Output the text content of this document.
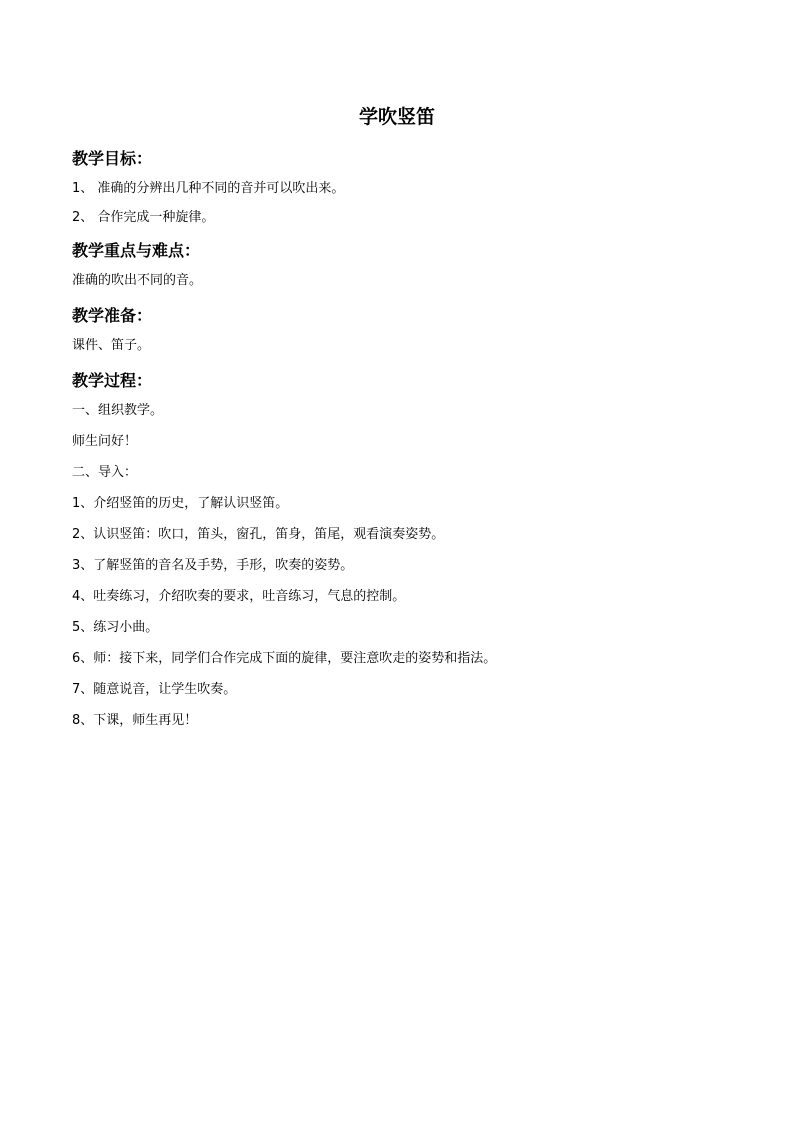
学吹竖笛
教学目标：
1、 准确的分辨出几种不同的音并可以吹出来。
2、 合作完成一种旋律。
教学重点与难点：
准确的吹出不同的音。
教学准备：
课件、笛子。
教学过程：
一、组织教学。
师生问好！
二、导入：
1、介绍竖笛的历史，了解认识竖笛。
2、认识竖笛：吹口，笛头，窗孔，笛身，笛尾，观看演奏姿势。
3、了解竖笛的音名及手势，手形，吹奏的姿势。
4、吐奏练习，介绍吹奏的要求，吐音练习，气息的控制。
5、练习小曲。
6、师：接下来，同学们合作完成下面的旋律，要注意吹走的姿势和指法。
7、随意说音，让学生吹奏。
8、下课，师生再见！
